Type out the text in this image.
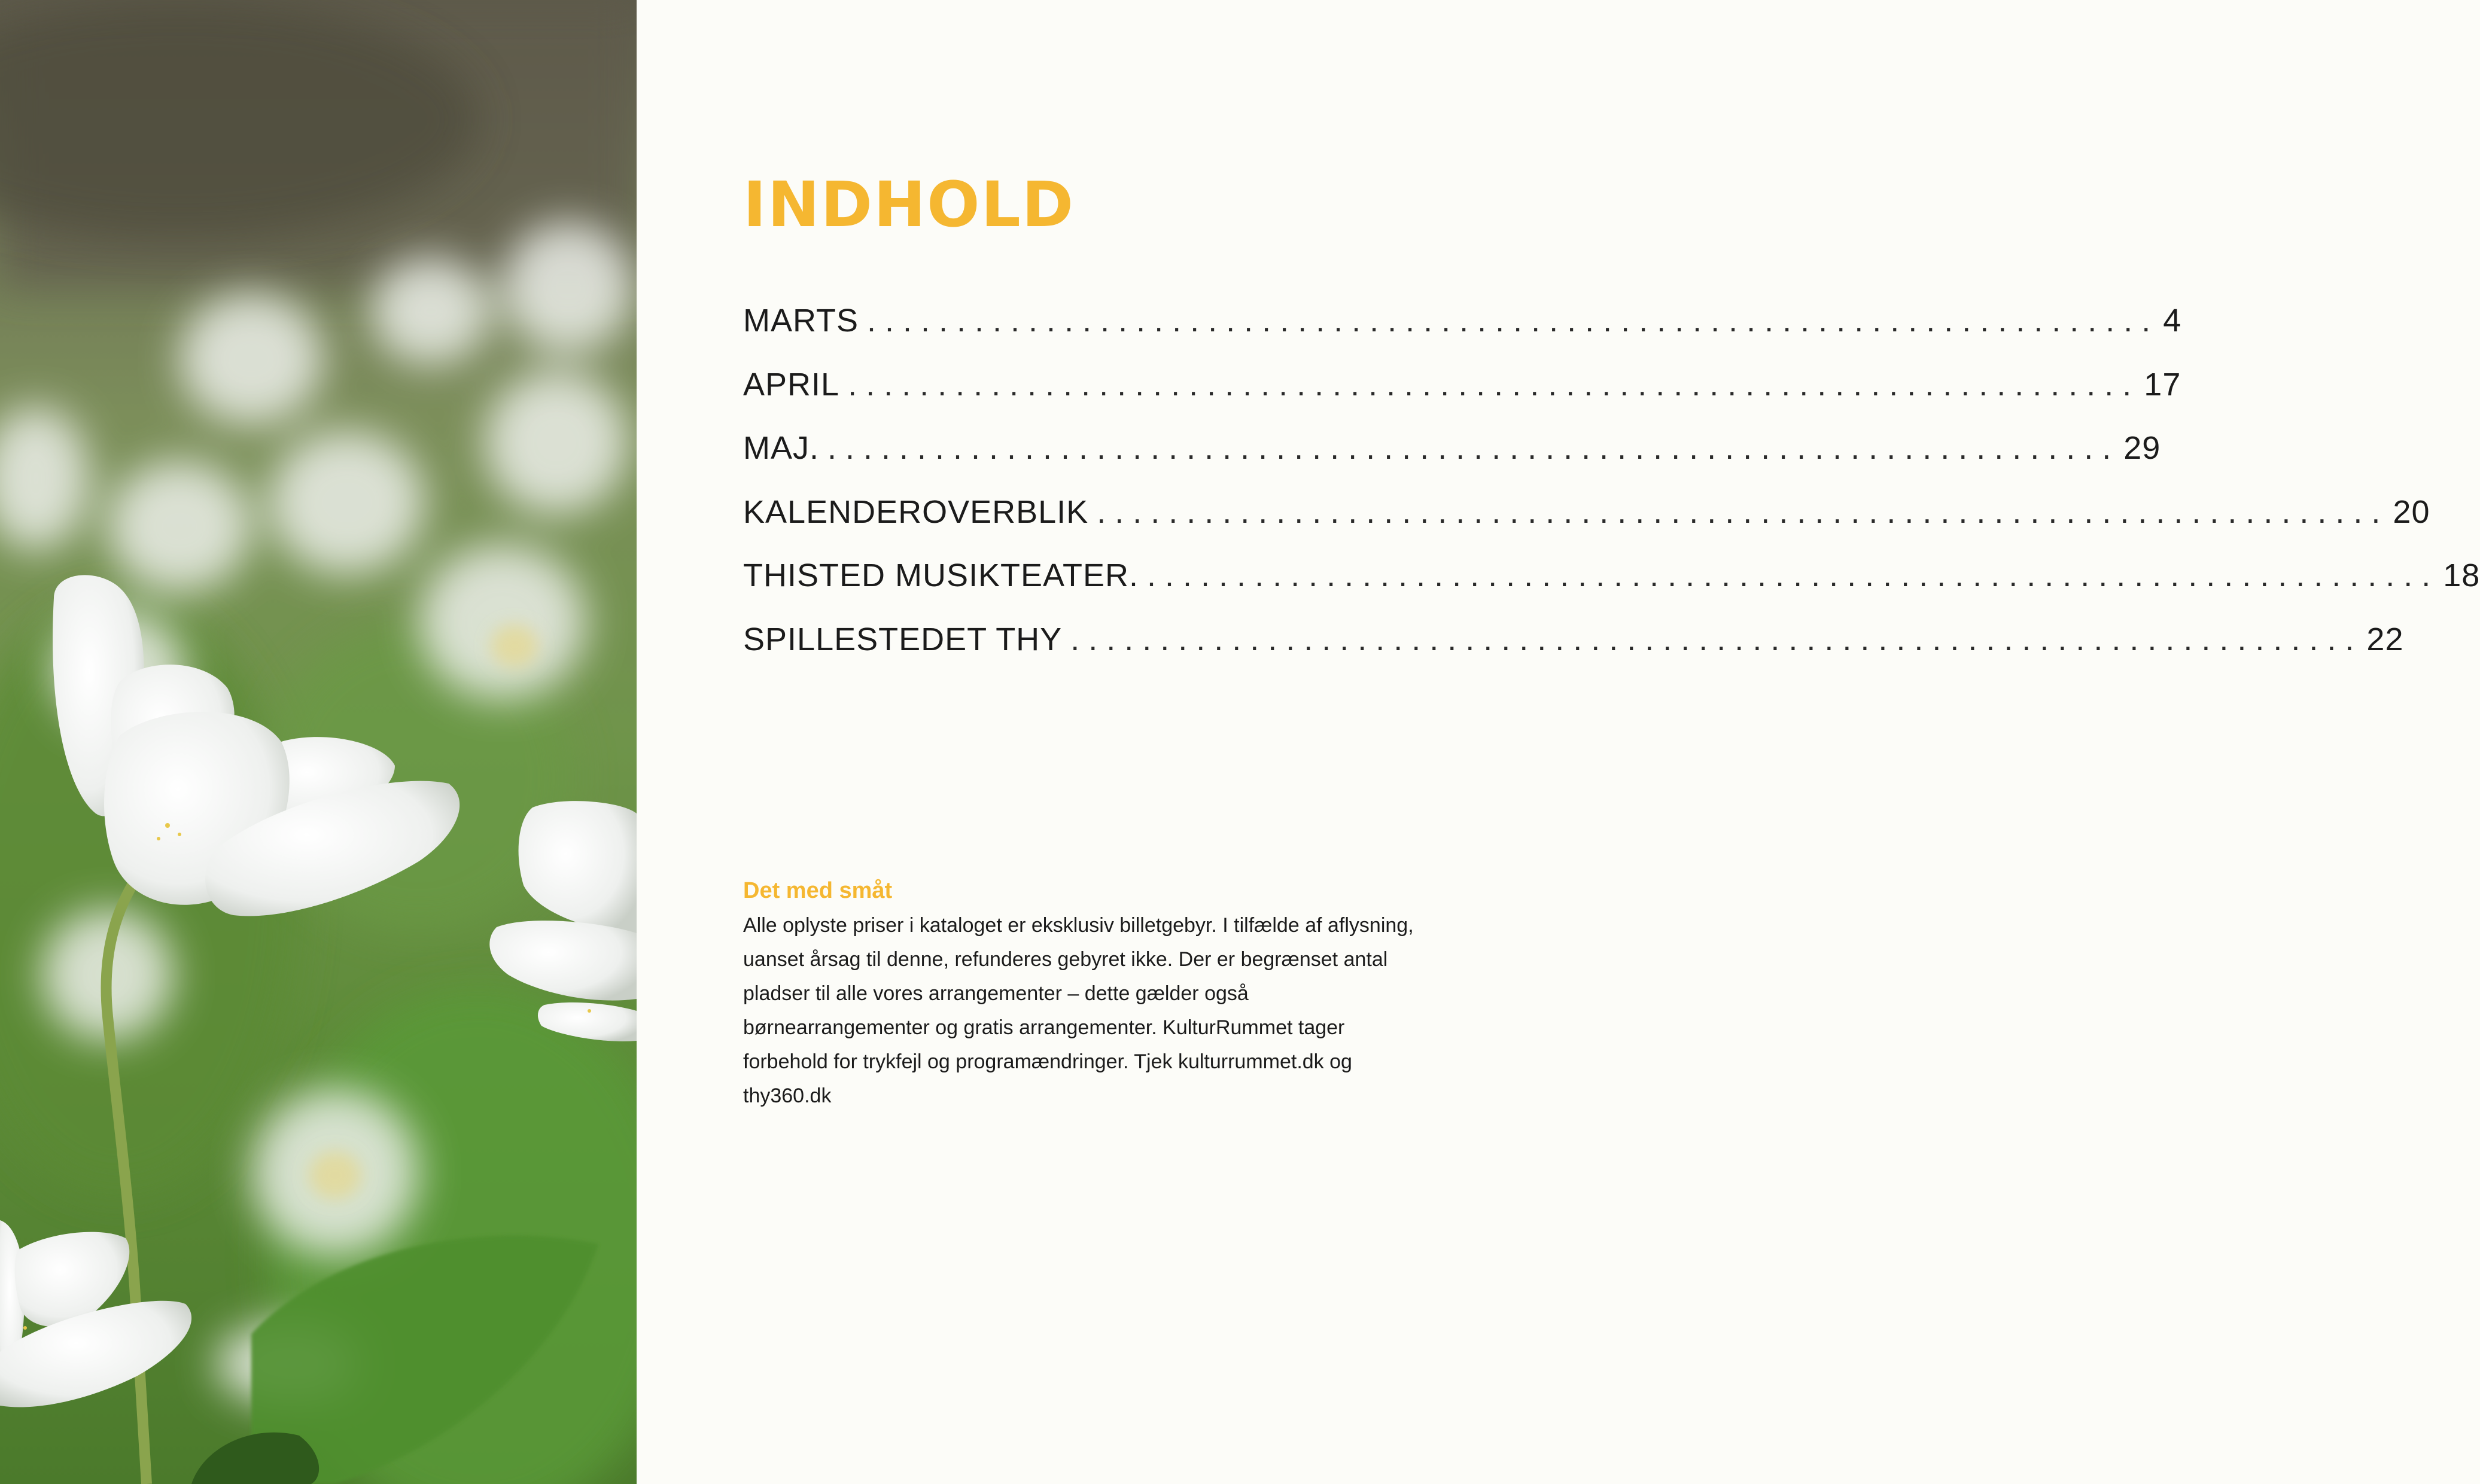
INDHOLD
MARTS ........................................................................ 4
APRIL ........................................................................ 17
MAJ. ........................................................................ 29
KALENDEROVERBLIK ........................................................................ 20
THISTED MUSIKTEATER. ........................................................................ 18
SPILLESTEDET THY ........................................................................ 22
Det med småt

Alle oplyste priser i kataloget er eksklusiv billetgebyr. I tilfælde af aflysning, uanset årsag til denne, refunderes gebyret ikke. Der er begrænset antal pladser til alle vores arrangementer – dette gælder også børnearrangementer og gratis arrangementer. KulturRummet tager forbehold for trykfejl og programændringer. Tjek kulturrummet.dk og thy360.dk
